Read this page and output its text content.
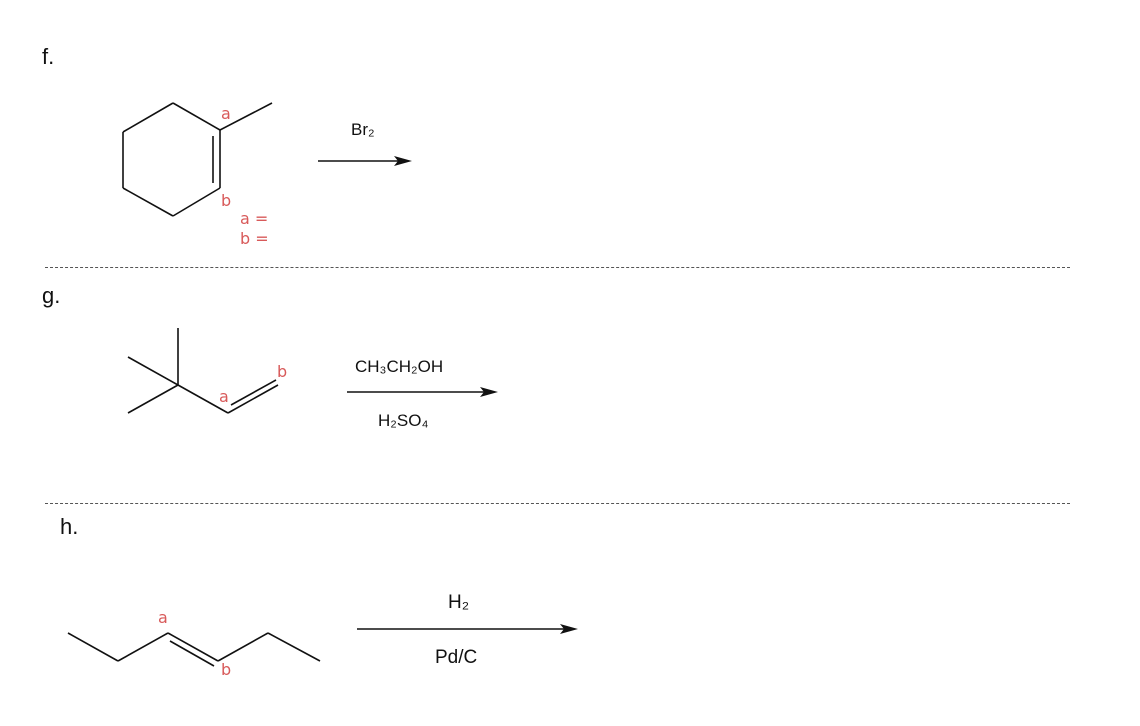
f.
a
b
a =
b =
Br₂
g.
a
b	CH₃CH₂OH
H₂SO₄
h.
a
b
H₂
Pd/C
